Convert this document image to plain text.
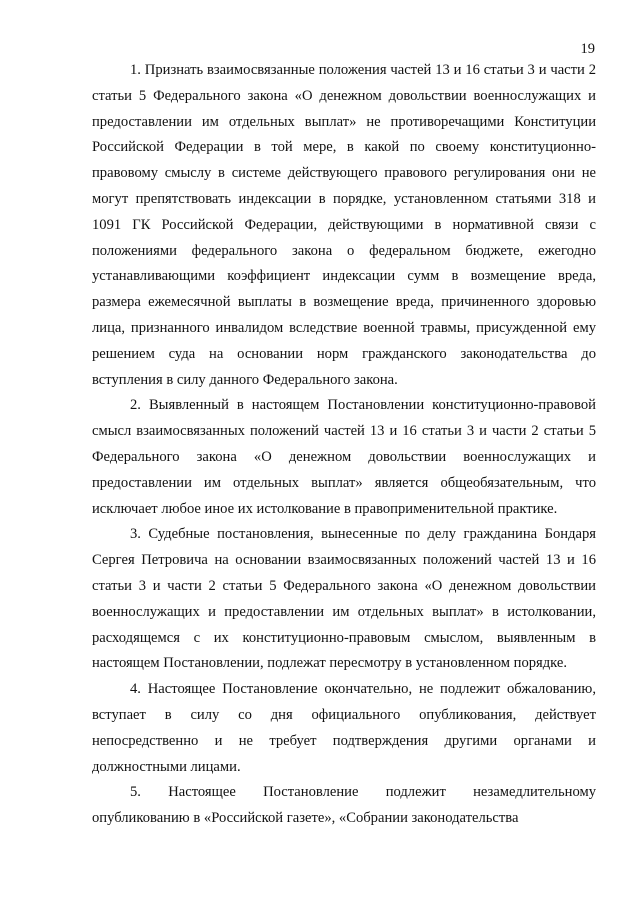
19

1. Признать взаимосвязанные положения частей 13 и 16 статьи 3 и части 2 статьи 5 Федерального закона «О денежном довольствии военнослужащих и предоставлении им отдельных выплат» не противоречащими Конституции Российской Федерации в той мере, в какой по своему конституционно-правовому смыслу в системе действующего правового регулирования они не могут препятствовать индексации в порядке, установленном статьями 318 и 1091 ГК Российской Федерации, действующими в нормативной связи с положениями федерального закона о федеральном бюджете, ежегодно устанавливающими коэффициент индексации сумм в возмещение вреда, размера ежемесячной выплаты в возмещение вреда, причиненного здоровью лица, признанного инвалидом вследствие военной травмы, присужденной ему решением суда на основании норм гражданского законодательства до вступления в силу данного Федерального закона.

2. Выявленный в настоящем Постановлении конституционно-правовой смысл взаимосвязанных положений частей 13 и 16 статьи 3 и части 2 статьи 5 Федерального закона «О денежном довольствии военнослужащих и предоставлении им отдельных выплат» является общеобязательным, что исключает любое иное их истолкование в правоприменительной практике.

3. Судебные постановления, вынесенные по делу гражданина Бондаря Сергея Петровича на основании взаимосвязанных положений частей 13 и 16 статьи 3 и части 2 статьи 5 Федерального закона «О денежном довольствии военнослужащих и предоставлении им отдельных выплат» в истолковании, расходящемся с их конституционно-правовым смыслом, выявленным в настоящем Постановлении, подлежат пересмотру в установленном порядке.

4. Настоящее Постановление окончательно, не подлежит обжалованию, вступает в силу со дня официального опубликования, действует непосредственно и не требует подтверждения другими органами и должностными лицами.

5. Настоящее Постановление подлежит незамедлительному опубликованию в «Российской газете», «Собрании законодательства
